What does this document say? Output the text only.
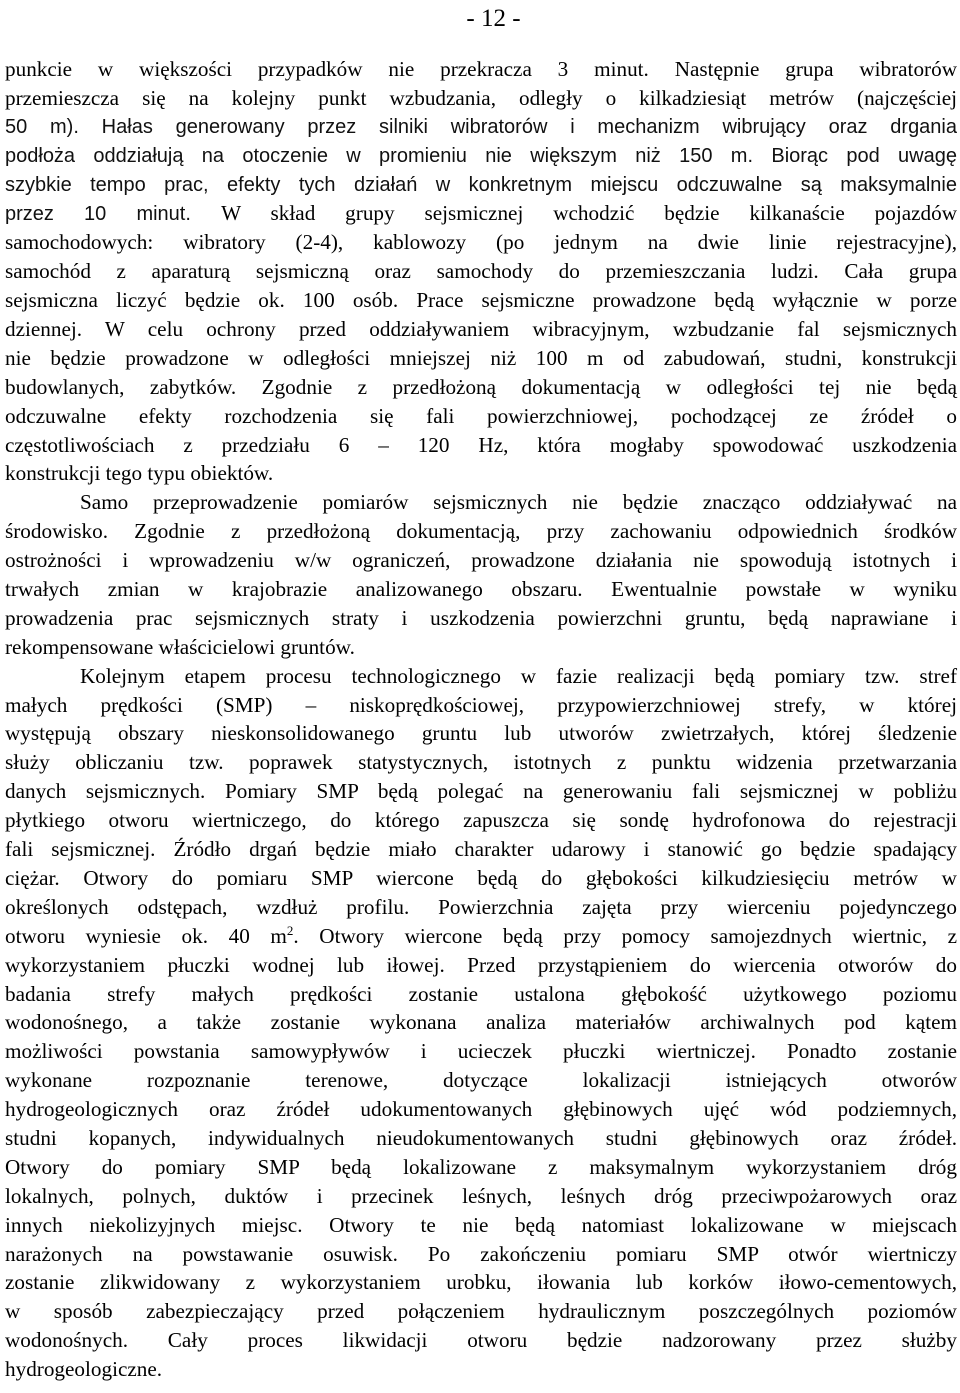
- 12 -
punkcie w większości przypadków nie przekracza 3 minut. Następnie grupa wibratorów
przemieszcza się na kolejny punkt wzbudzania, odległy o kilkadziesiąt metrów (najczęściej
50 m). Hałas generowany przez silniki wibratorów i mechanizm wibrujący oraz drgania
podłoża oddziałują na otoczenie w promieniu nie większym niż 150 m. Biorąc pod uwagę
szybkie tempo prac, efekty tych działań w konkretnym miejscu odczuwalne są maksymalnie
przez 10 minut. W skład grupy sejsmicznej wchodzić będzie kilkanaście pojazdów
samochodowych: wibratory (2-4), kablowozy (po jednym na dwie linie rejestracyjne),
samochód z aparaturą sejsmiczną oraz samochody do przemieszczania ludzi. Cała grupa
sejsmiczna liczyć będzie ok. 100 osób. Prace sejsmiczne prowadzone będą wyłącznie w porze
dziennej. W celu ochrony przed oddziaływaniem wibracyjnym, wzbudzanie fal sejsmicznych
nie będzie prowadzone w odległości mniejszej niż 100 m od zabudowań, studni, konstrukcji
budowlanych, zabytków. Zgodnie z przedłożoną dokumentacją w odległości tej nie będą
odczuwalne efekty rozchodzenia się fali powierzchniowej, pochodzącej ze źródeł o
częstotliwościach z przedziału 6 – 120 Hz, która mogłaby spowodować uszkodzenia
konstrukcji tego typu obiektów.
Samo przeprowadzenie pomiarów sejsmicznych nie będzie znacząco oddziaływać na
środowisko. Zgodnie z przedłożoną dokumentacją, przy zachowaniu odpowiednich środków
ostrożności i wprowadzeniu w/w ograniczeń, prowadzone działania nie spowodują istotnych i
trwałych zmian w krajobrazie analizowanego obszaru. Ewentualnie powstałe w wyniku
prowadzenia prac sejsmicznych straty i uszkodzenia powierzchni gruntu, będą naprawiane i
rekompensowane właścicielowi gruntów.
Kolejnym etapem procesu technologicznego w fazie realizacji będą pomiary tzw. stref
małych prędkości (SMP) – niskoprędkościowej, przypowierzchniowej strefy, w której
występują obszary nieskonsolidowanego gruntu lub utworów zwietrzałych, której śledzenie
służy obliczaniu tzw. poprawek statystycznych, istotnych z punktu widzenia przetwarzania
danych sejsmicznych. Pomiary SMP będą polegać na generowaniu fali sejsmicznej w pobliżu
płytkiego otworu wiertniczego, do którego zapuszcza się sondę hydrofonowa do rejestracji
fali sejsmicznej. Źródło drgań będzie miało charakter udarowy i stanowić go będzie spadający
ciężar. Otwory do pomiaru SMP wiercone będą do głębokości kilkudziesięciu metrów w
określonych odstępach, wzdłuż profilu. Powierzchnia zajęta przy wierceniu pojedynczego
otworu wyniesie ok. 40 $m^2$. Otwory wiercone będą przy pomocy samojezdnych wiertnic, z
wykorzystaniem płuczki wodnej lub iłowej. Przed przystąpieniem do wiercenia otworów do
badania strefy małych prędkości zostanie ustalona głębokość użytkowego poziomu
wodonośnego, a także zostanie wykonana analiza materiałów archiwalnych pod kątem
możliwości powstania samowypływów i ucieczek płuczki wiertniczej. Ponadto zostanie
wykonane rozpoznanie terenowe, dotyczące lokalizacji istniejących otworów
hydrogeologicznych oraz źródeł udokumentowanych głębinowych ujęć wód podziemnych,
studni kopanych, indywidualnych nieudokumentowanych studni głębinowych oraz źródeł.
Otwory do pomiary SMP będą lokalizowane z maksymalnym wykorzystaniem dróg
lokalnych, polnych, duktów i przecinek leśnych, leśnych dróg przeciwpożarowych oraz
innych niekolizyjnych miejsc. Otwory te nie będą natomiast lokalizowane w miejscach
narażonych na powstawanie osuwisk. Po zakończeniu pomiaru SMP otwór wiertniczy
zostanie zlikwidowany z wykorzystaniem urobku, iłowania lub korków iłowo-cementowych,
w sposób zabezpieczający przed połączeniem hydraulicznym poszczególnych poziomów
wodonośnych. Cały proces likwidacji otworu będzie nadzorowany przez służby
hydrogeologiczne.
